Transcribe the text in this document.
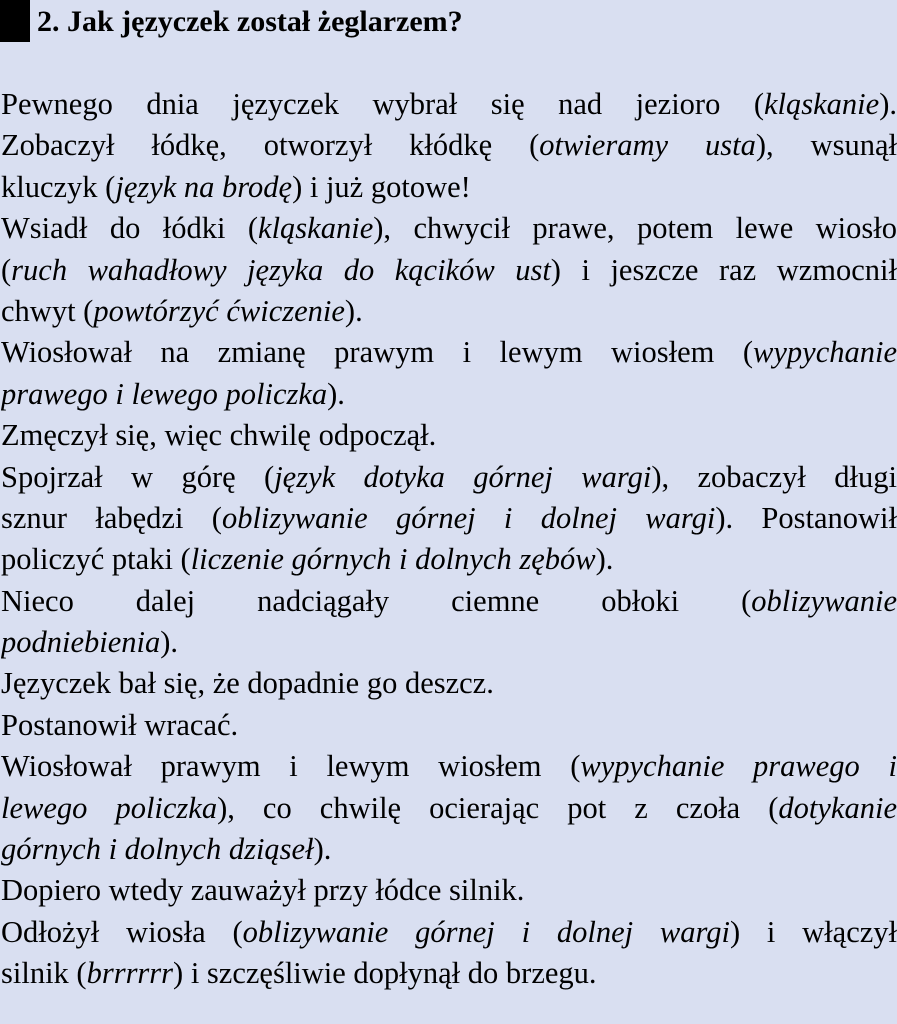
2. Jak języczek został żeglarzem?
Pewnego dnia języczek wybrał się nad jezioro (kląskanie).
Zobaczył łódkę, otworzył kłódkę (otwieramy usta), wsunął
kluczyk (język na brodę) i już gotowe!
Wsiadł do łódki (kląskanie), chwycił prawe, potem lewe wiosło
(ruch wahadłowy języka do kącików ust) i jeszcze raz wzmocnił
chwyt (powtórzyć ćwiczenie).
Wiosłował na zmianę prawym i lewym wiosłem (wypychanie
prawego i lewego policzka).
Zmęczył się, więc chwilę odpoczął.
Spojrzał w górę (język dotyka górnej wargi), zobaczył długi
sznur łabędzi (oblizywanie górnej i dolnej wargi). Postanowił
policzyć ptaki (liczenie górnych i dolnych zębów).
Nieco dalej nadciągały ciemne obłoki (oblizywanie
podniebienia).
Języczek bał się, że dopadnie go deszcz.
Postanowił wracać.
Wiosłował prawym i lewym wiosłem (wypychanie prawego i
lewego policzka), co chwilę ocierając pot z czoła (dotykanie
górnych i dolnych dziąseł).
Dopiero wtedy zauważył przy łódce silnik.
Odłożył wiosła (oblizywanie górnej i dolnej wargi) i włączył
silnik (brrrrrr) i szczęśliwie dopłynął do brzegu.
